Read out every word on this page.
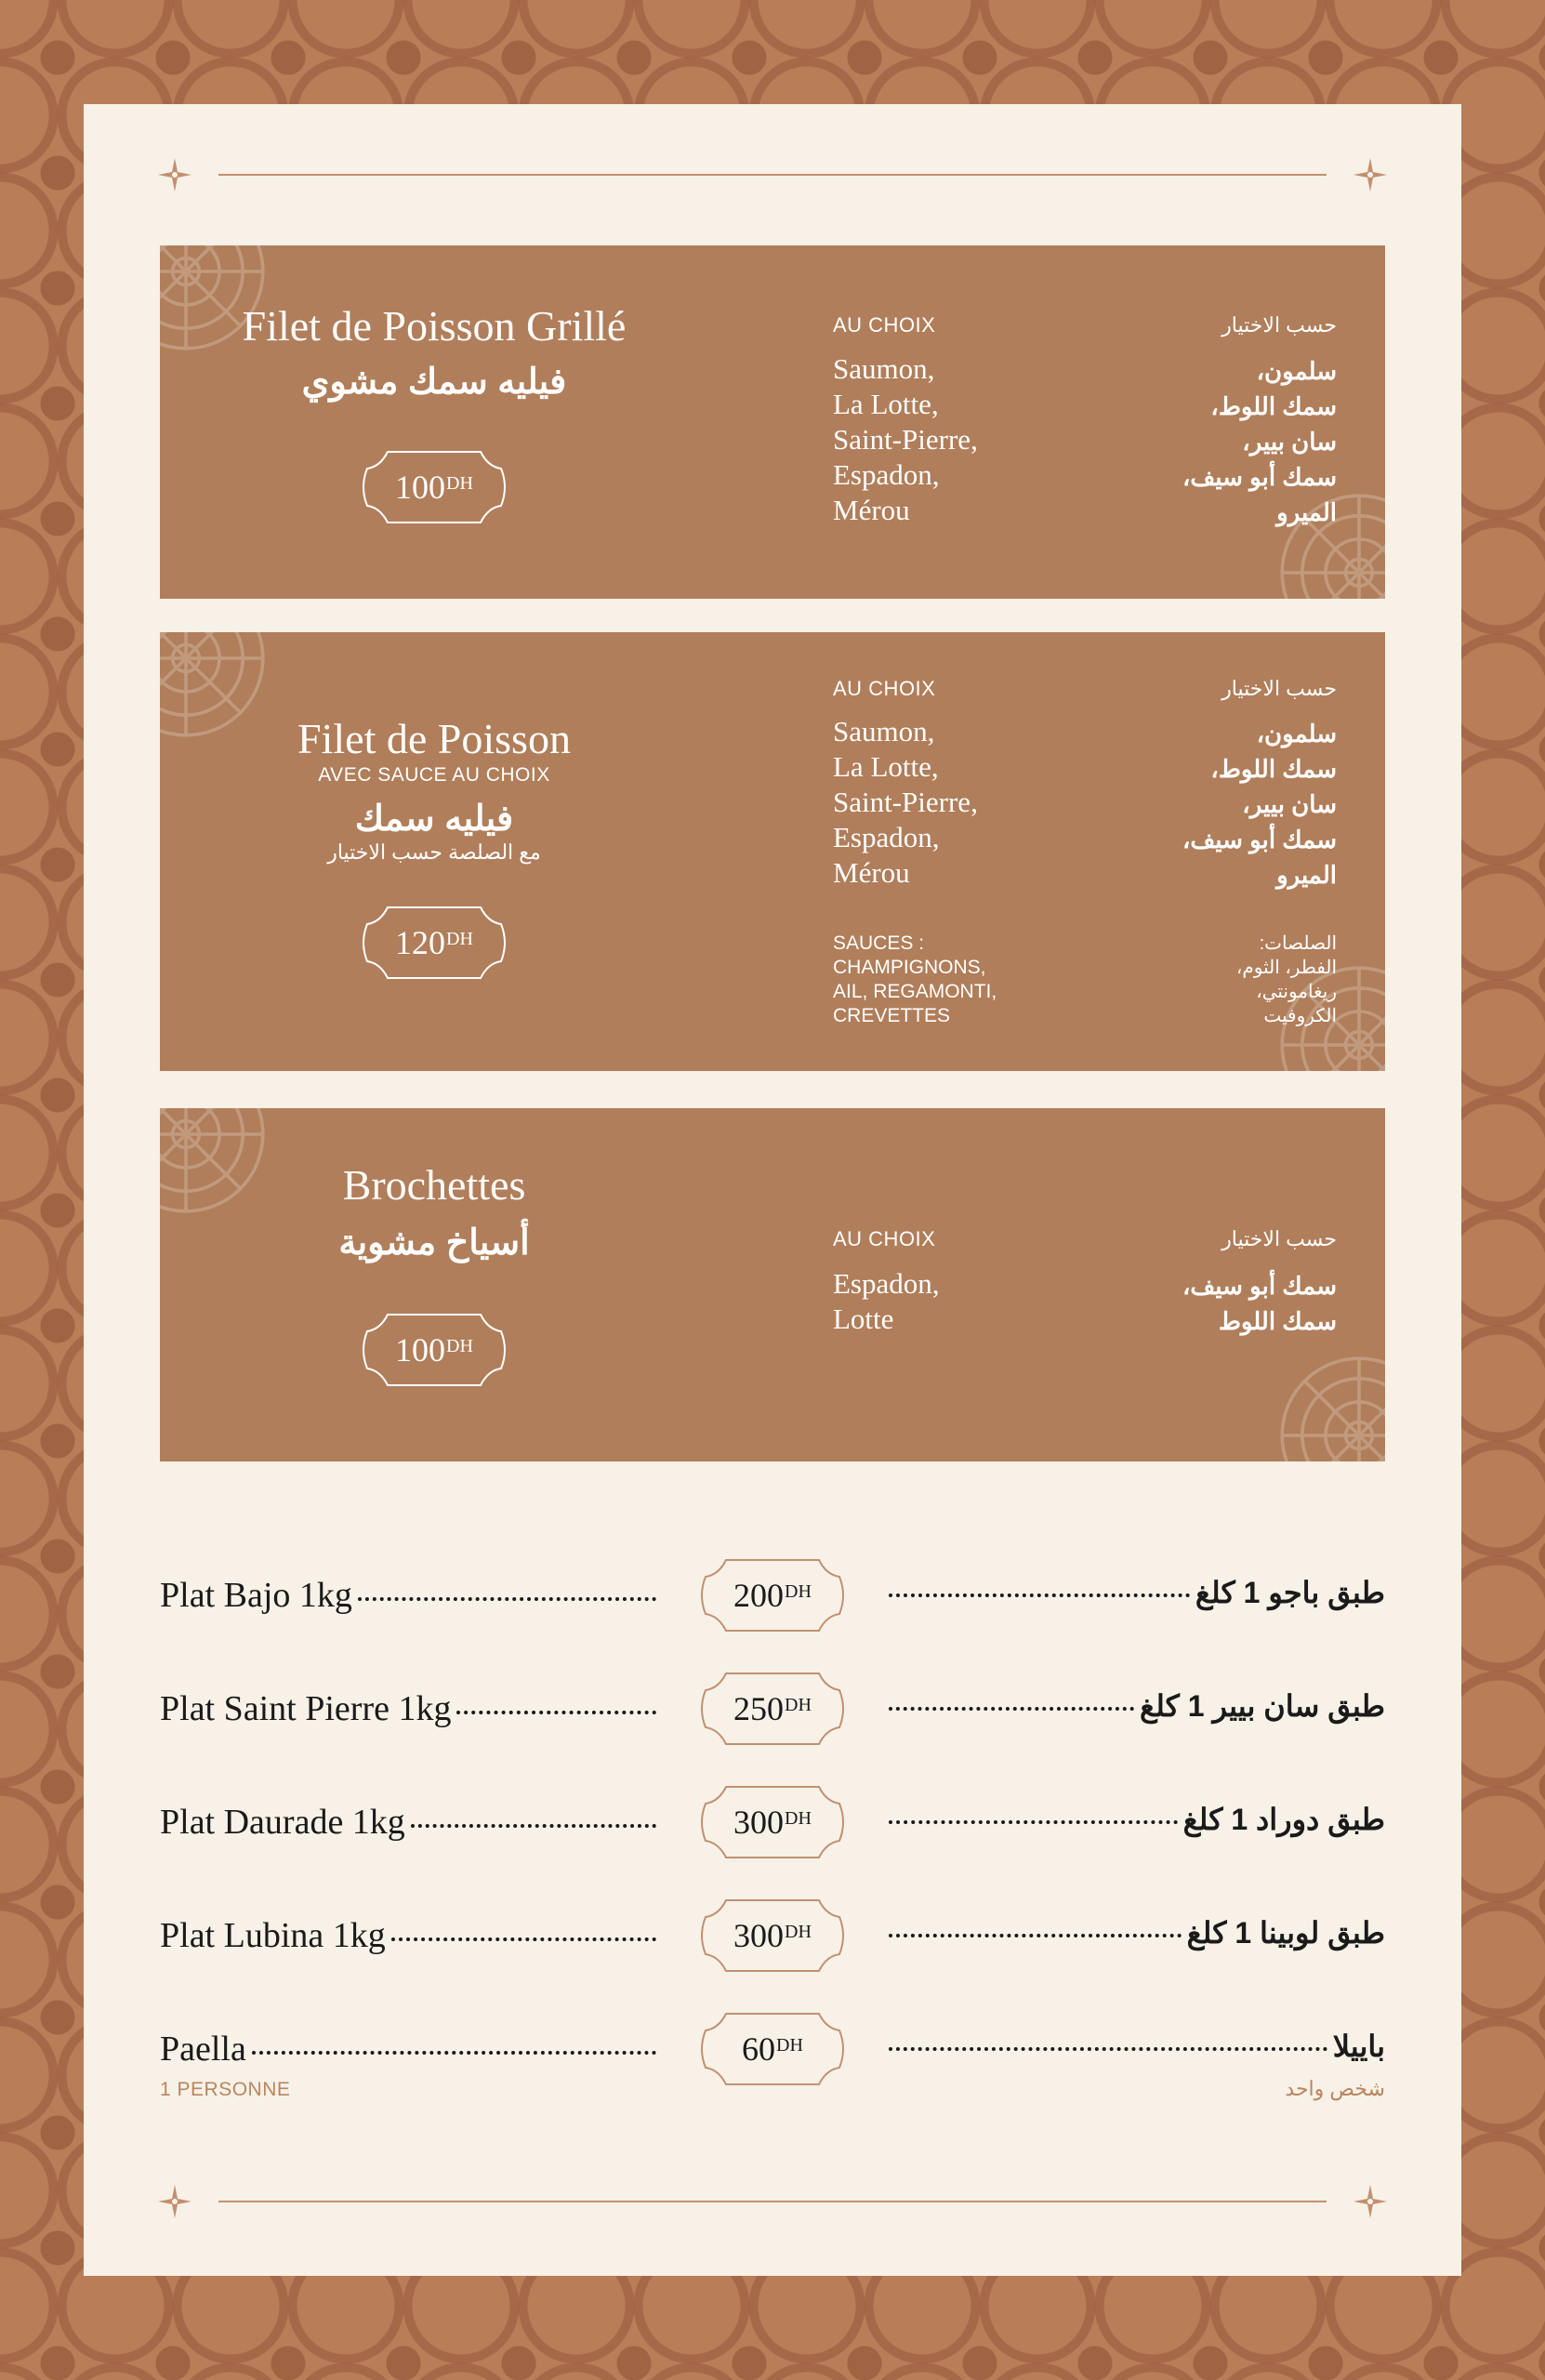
Filet de Poisson Grillé
فيليه سمك مشوي
$100^{DH}$
AU CHOIX	حسب الاختيار
Saumon,
La Lotte,
Saint-Pierre,
Espadon,
Mérou
سلمون،
سمك اللوط،
سان بيير،
سمك أبو سيف،
الميرو
Filet de Poisson
AVEC SAUCE AU CHOIX
فيليه سمك
مع الصلصة حسب الاختيار
$120^{DH}$
AU CHOIX	حسب الاختيار
Saumon,
La Lotte,
Saint-Pierre,
Espadon,
Mérou
سلمون،
سمك اللوط،
سان بيير،
سمك أبو سيف،
الميرو
SAUCES :
CHAMPIGNONS,
AIL, REGAMONTI,
CREVETTES
الصلصات:
الفطر، الثوم،
ريغامونتي،
الكروفيت
Brochettes
أسياخ مشوية
$100^{DH}$
AU CHOIX	حسب الاختيار
Espadon,
Lotte
سمك أبو سيف،
سمك اللوط
Plat Bajo 1kg	$200^{DH}$	طبق باجو 1 كلغ
Plat Saint Pierre 1kg	$250^{DH}$	طبق سان بيير 1 كلغ
Plat Daurade 1kg	$300^{DH}$	طبق دوراد 1 كلغ
Plat Lubina 1kg	$300^{DH}$	طبق لوبينا 1 كلغ
Paella	$60^{DH}$	باييلا
1 PERSONNE	شخص واحد
